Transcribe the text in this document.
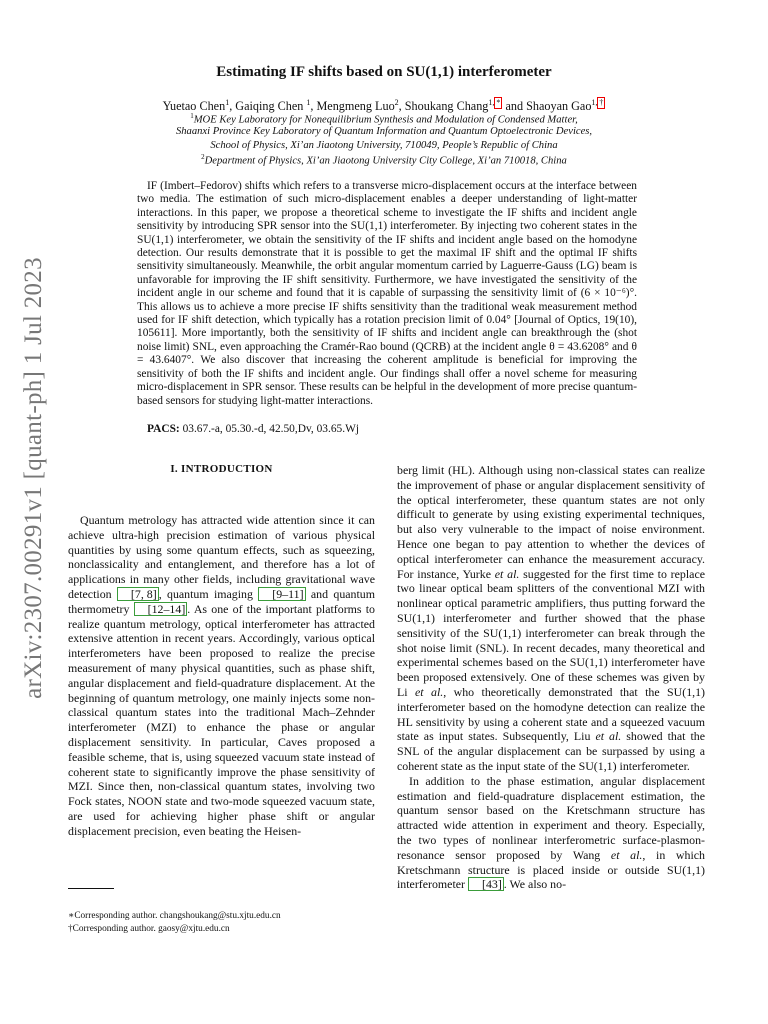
arXiv:2307.00291v1 [quant-ph] 1 Jul 2023
Estimating IF shifts based on SU(1,1) interferometer
Yuetao Chen$^1$, Gaiqing Chen $^1$, Mengmeng Luo$^2$, Shoukang Chang$^{1,}$ * and Shaoyan Gao$^{1,}$ †
$^1$MOE Key Laboratory for Nonequilibrium Synthesis and Modulation of Condensed Matter,
Shaanxi Province Key Laboratory of Quantum Information and Quantum Optoelectronic Devices,
School of Physics, Xi’an Jiaotong University, 710049, People’s Republic of China
$^2$Department of Physics, Xi’an Jiaotong University City College, Xi’an 710018, China

IF (Imbert–Fedorov) shifts which refers to a transverse micro-displacement occurs at the interface between two media. The estimation of such micro-displacement enables a deeper understanding of light-matter interactions. In this paper, we propose a theoretical scheme to investigate the IF shifts and incident angle sensitivity by introducing SPR sensor into the SU(1,1) interferometer. By injecting two coherent states in the SU(1,1) interferometer, we obtain the sensitivity of the IF shifts and incident angle based on the homodyne detection. Our results demonstrate that it is possible to get the maximal IF shift and the optimal IF shifts sensitivity simultaneously. Meanwhile, the orbit angular momentum carried by Laguerre-Gauss (LG) beam is unfavorable for improving the IF shift sensitivity. Furthermore, we have investigated the sensitivity of the incident angle in our scheme and found that it is capable of surpassing the sensitivity limit of (6 × 10⁻⁶)°. This allows us to achieve a more precise IF shifts sensitivity than the traditional weak measurement method used for IF shift detection, which typically has a rotation precision limit of 0.04° [Journal of Optics, 19(10), 105611]. More importantly, both the sensitivity of IF shifts and incident angle can breakthrough the (shot noise limit) SNL, even approaching the Cramér-Rao bound (QCRB) at the incident angle θ = 43.6208° and θ = 43.6407°. We also discover that increasing the coherent amplitude is beneficial for improving the sensitivity of both the IF shifts and incident angle. Our findings shall offer a novel scheme for measuring micro-displacement in SPR sensor. These results can be helpful in the development of more precise quantum-based sensors for studying light-matter interactions.

PACS: 03.67.-a, 05.30.-d, 42.50,Dv, 03.65.Wj
I. INTRODUCTION

Quantum metrology has attracted wide attention since it can achieve ultra-high precision estimation of various physical quantities by using some quantum effects, such as squeezing, nonclassicality and entanglement, and therefore has a lot of applications in many other fields, including gravitational wave detection [7, 8] , quantum imaging [9–11] and quantum thermometry [12–14] . As one of the important platforms to realize quantum metrology, optical interferometer has attracted extensive attention in recent years. Accordingly, various optical interferometers have been proposed to realize the precise measurement of many physical quantities, such as phase shift, angular displacement and field-quadrature displacement. At the beginning of quantum metrology, one mainly injects some non-classical quantum states into the traditional Mach–Zehnder interferometer (MZI) to enhance the phase or angular displacement sensitivity. In particular, Caves proposed a feasible scheme, that is, using squeezed vacuum state instead of coherent state to significantly improve the phase sensitivity of MZI. Since then, non-classical quantum states, involving two Fock states, NOON state and two-mode squeezed vacuum state, are used for achieving higher phase shift or angular displacement precision, even beating the Heisen-

berg limit (HL). Although using non-classical states can realize the improvement of phase or angular displacement sensitivity of the optical interferometer, these quantum states are not only difficult to generate by using existing experimental techniques, but also very vulnerable to the impact of noise environment. Hence one began to pay attention to whether the devices of optical interferometer can enhance the measurement accuracy. For instance, Yurke et al. suggested for the first time to replace two linear optical beam splitters of the conventional MZI with nonlinear optical parametric amplifiers, thus putting forward the SU(1,1) interferometer and further showed that the phase sensitivity of the SU(1,1) interferometer can break through the shot noise limit (SNL). In recent decades, many theoretical and experimental schemes based on the SU(1,1) interferometer have been proposed extensively. One of these schemes was given by Li et al., who theoretically demonstrated that the SU(1,1) interferometer based on the homodyne detection can realize the HL sensitivity by using a coherent state and a squeezed vacuum state as input states. Subsequently, Liu et al. showed that the SNL of the angular displacement can be surpassed by using a coherent state as the input state of the SU(1,1) interferometer.

In addition to the phase estimation, angular displacement estimation and field-quadrature displacement estimation, the quantum sensor based on the Kretschmann structure has attracted wide attention in experiment and theory. Especially, the two types of nonlinear interferometric surface-plasmon-resonance sensor proposed by Wang et al., in which Kretschmann structure is placed inside or outside SU(1,1) interferometer [43] . We also no-

∗Corresponding author. changshoukang@stu.xjtu.edu.cn
†Corresponding author. gaosy@xjtu.edu.cn
